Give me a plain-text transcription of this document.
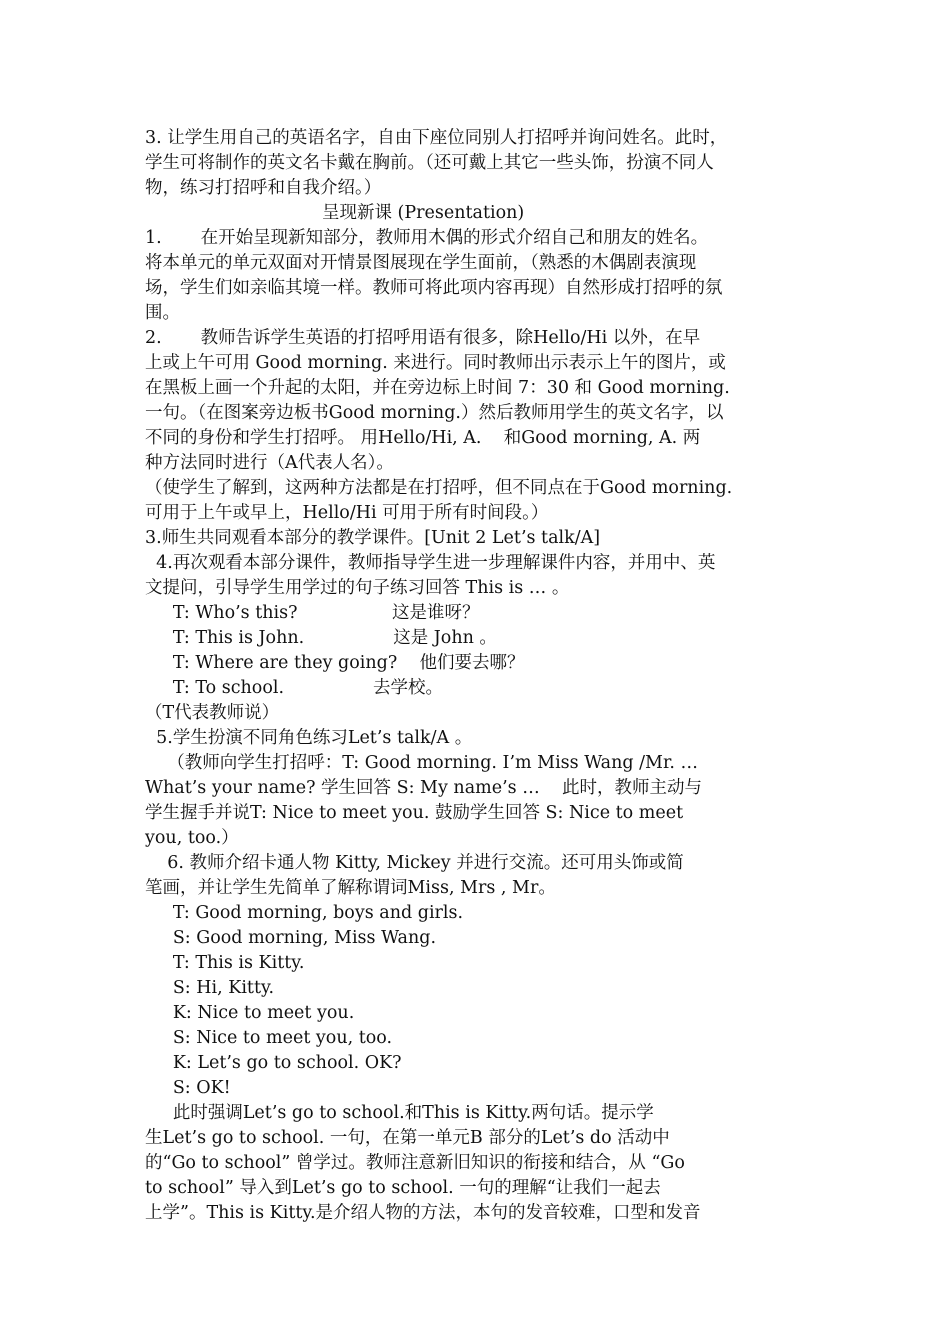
3. 让学生用自己的英语名字，自由下座位同别人打招呼并询问姓名。此时，
学生可将制作的英文名卡戴在胸前。（还可戴上其它一些头饰，扮演不同人
物，练习打招呼和自我介绍。）
呈现新课 (Presentation)
1.       在开始呈现新知部分，教师用木偶的形式介绍自己和朋友的姓名。
将本单元的单元双面对开情景图展现在学生面前，（熟悉的木偶剧表演现
场，学生们如亲临其境一样。教师可将此项内容再现）自然形成打招呼的氛
围。
2.       教师告诉学生英语的打招呼用语有很多，除Hello/Hi 以外，在早
上或上午可用 Good morning. 来进行。同时教师出示表示上午的图片，或
在黑板上画一个升起的太阳，并在旁边标上时间 7：30 和 Good morning.
一句。（在图案旁边板书Good morning.）然后教师用学生的英文名字，以
不同的身份和学生打招呼。 用Hello/Hi, A.    和Good morning, A. 两
种方法同时进行（A代表人名）。
（使学生了解到，这两种方法都是在打招呼，但不同点在于Good morning.
可用于上午或早上，Hello/Hi 可用于所有时间段。）
3.师生共同观看本部分的教学课件。[Unit 2 Let’s talk/A]
4.再次观看本部分课件，教师指导学生进一步理解课件内容，并用中、英
文提问，引导学生用学过的句子练习回答 This is … 。
T: Who’s this?                 这是谁呀？
T: This is John.                这是 John 。
T: Where are they going?    他们要去哪？
T: To school.                去学校。
（T代表教师说）
5.学生扮演不同角色练习Let’s talk/A 。
（教师向学生打招呼：T: Good morning. I’m Miss Wang /Mr. …
What’s your name? 学生回答 S: My name’s …    此时，教师主动与
学生握手并说T: Nice to meet you. 鼓励学生回答 S: Nice to meet
you, too.）
6. 教师介绍卡通人物 Kitty, Mickey 并进行交流。还可用头饰或简
笔画，并让学生先简单了解称谓词Miss, Mrs , Mr。
T: Good morning, boys and girls.
S: Good morning, Miss Wang.
T: This is Kitty.
S: Hi, Kitty.
K: Nice to meet you.
S: Nice to meet you, too.
K: Let’s go to school. OK?
S: OK!
此时强调Let’s go to school.和This is Kitty.两句话。提示学
生Let’s go to school. 一句，在第一单元B 部分的Let’s do 活动中
的“Go to school” 曾学过。教师注意新旧知识的衔接和结合，从 “Go
to school” 导入到Let’s go to school. 一句的理解“让我们一起去
上学”。This is Kitty.是介绍人物的方法，本句的发音较难，口型和发音
